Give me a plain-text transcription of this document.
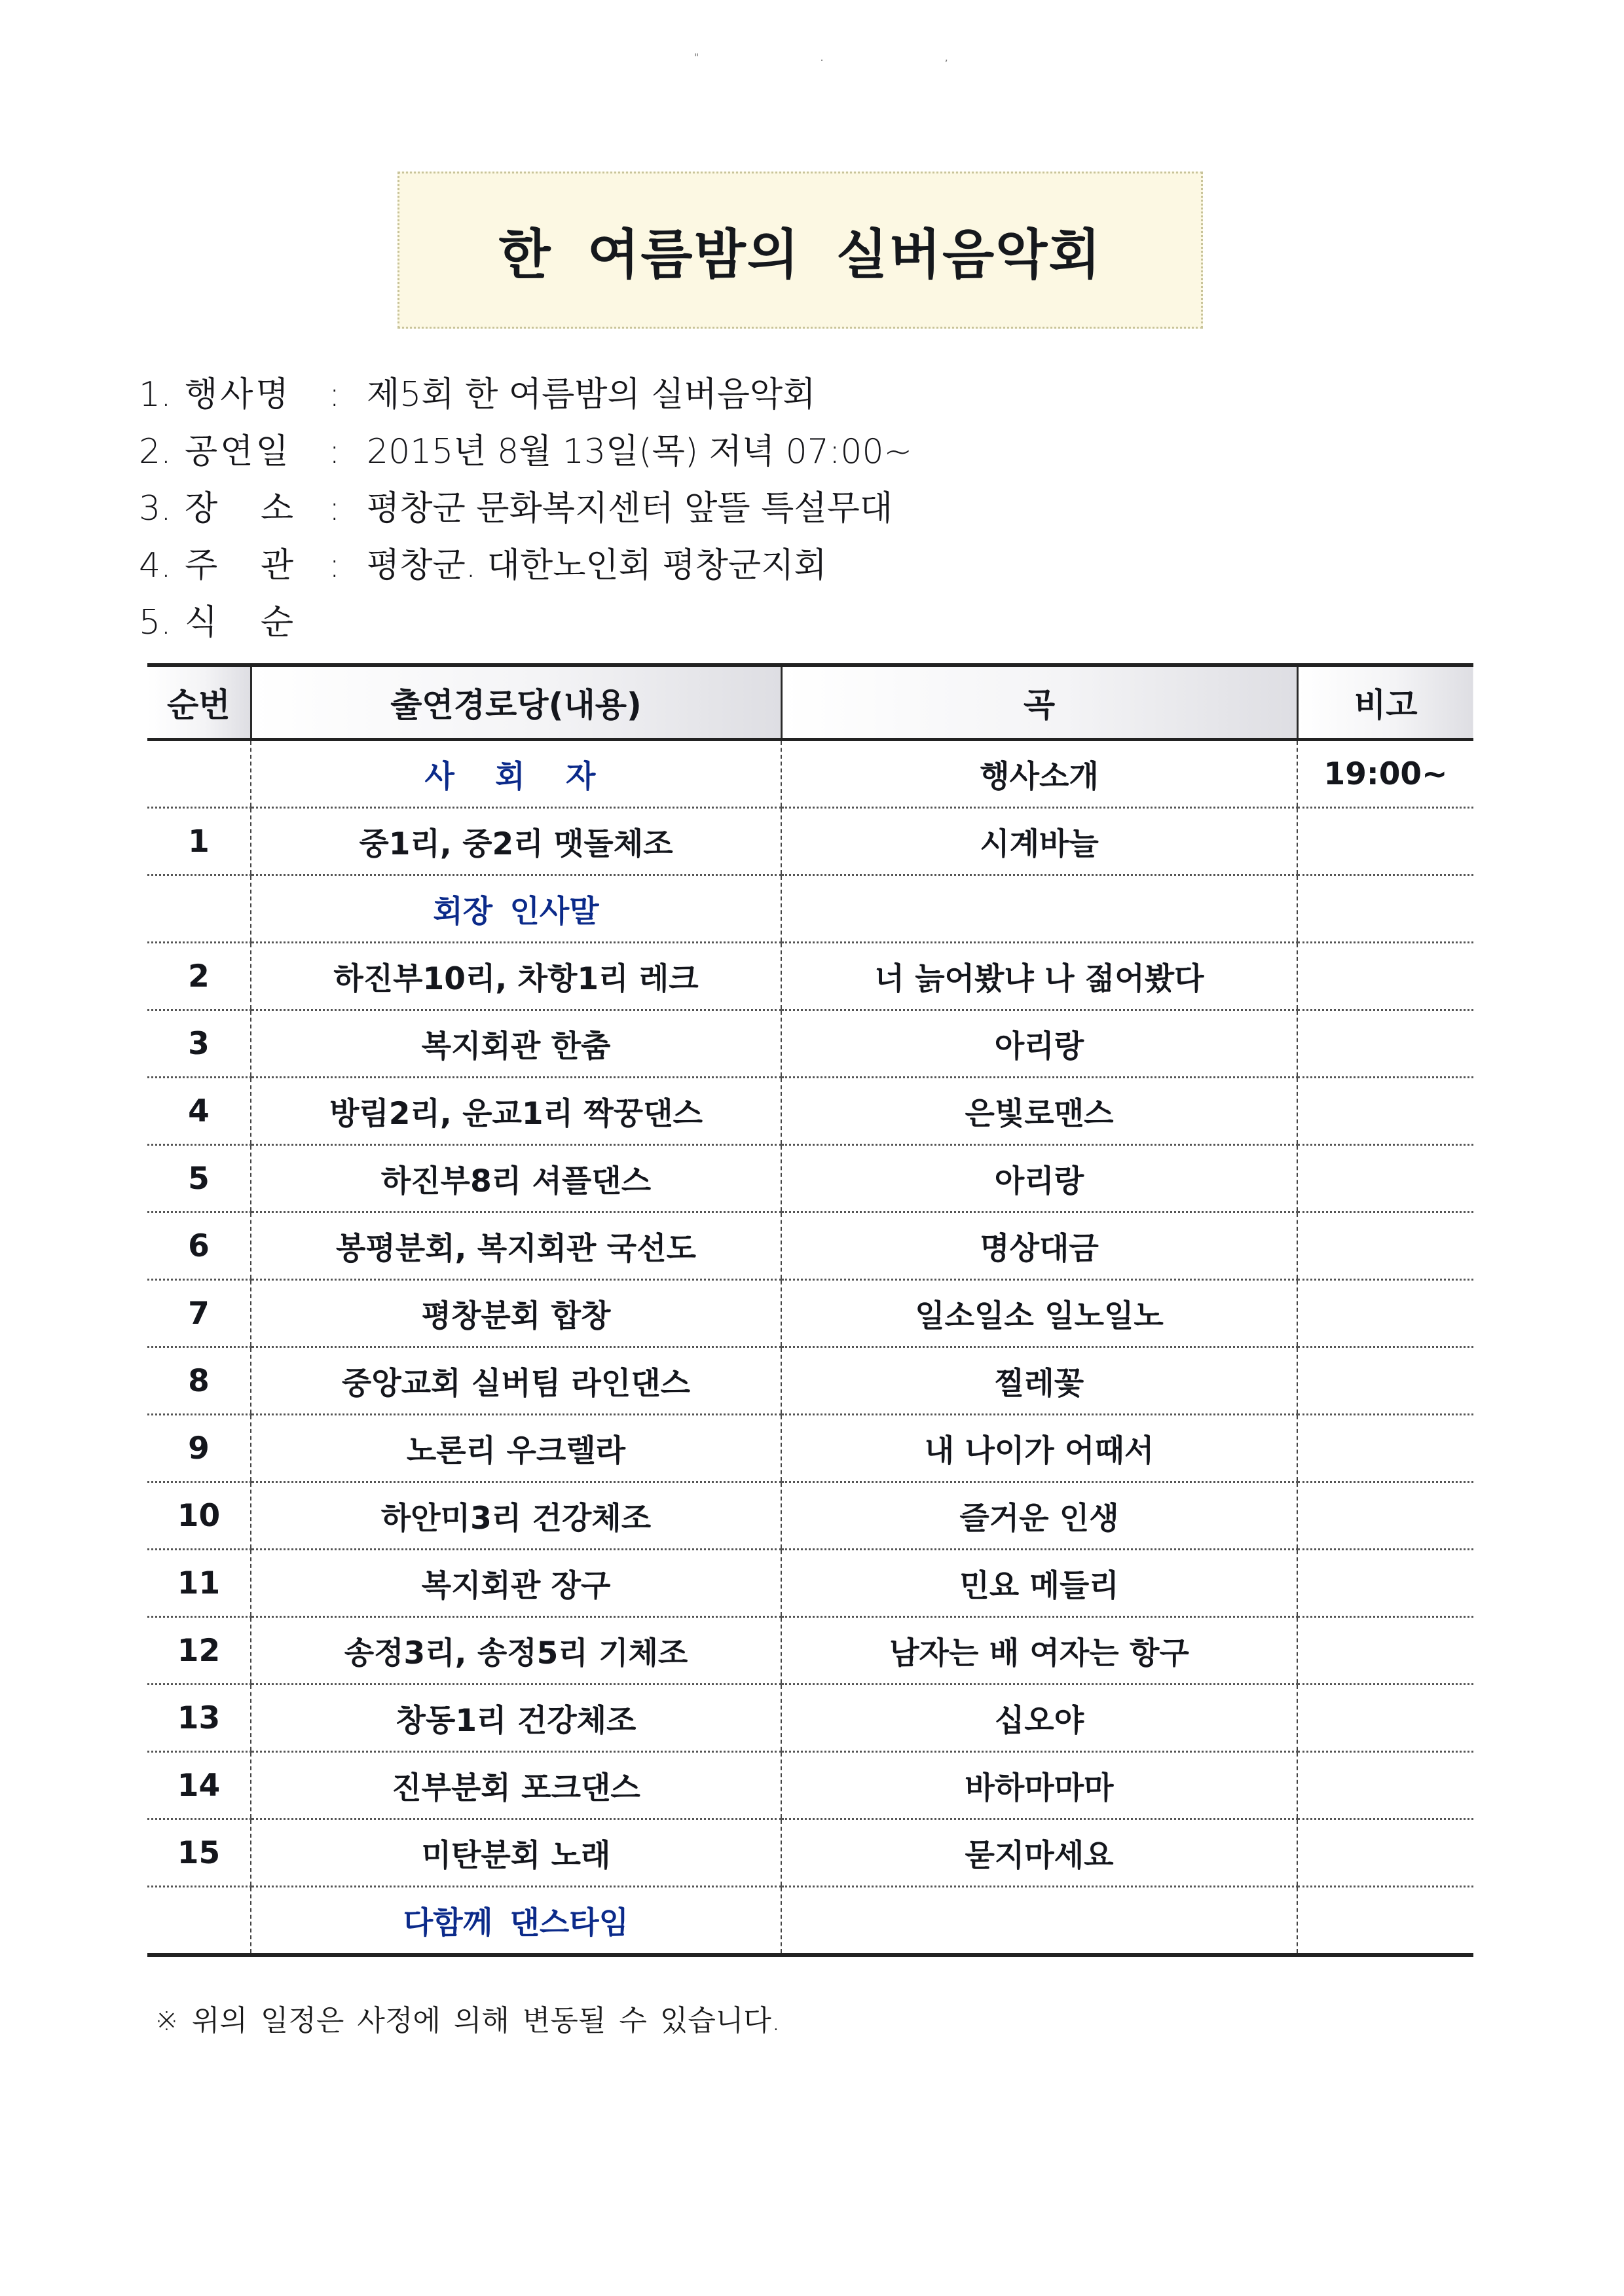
" . ,
한 여름밤의 실버음악회
1. 행사명 : 제5회 한 여름밤의 실버음악회
2. 공연일 : 2015년 8월 13일(목) 저녁 07:00~
3. 장   소 : 평창군 문화복지센터 앞뜰 특설무대
4. 주   관 : 평창군. 대한노인회 평창군지회
5. 식   순
순번	출연경로당(내용)	곡	비고
	사 회 자	행사소개	19:00~
1	중1리, 중2리 맷돌체조	시계바늘	
	회장 인사말		
2	하진부10리, 차항1리 레크	너 늙어봤냐 나 젊어봤다	
3	복지회관 한춤	아리랑	
4	방림2리, 운교1리 짝꿍댄스	은빛로맨스	
5	하진부8리 셔플댄스	아리랑	
6	봉평분회, 복지회관 국선도	명상대금	
7	평창분회 합창	일소일소 일노일노	
8	중앙교회 실버팀 라인댄스	찔레꽃	
9	노론리 우크렐라	내 나이가 어때서	
10	하안미3리 건강체조	즐거운 인생	
11	복지회관 장구	민요 메들리	
12	송정3리, 송정5리 기체조	남자는 배 여자는 항구	
13	창동1리 건강체조	십오야	
14	진부분회 포크댄스	바하마마마	
15	미탄분회 노래	묻지마세요	
	다함께 댄스타임		
※ 위의 일정은 사정에 의해 변동될 수 있습니다.
